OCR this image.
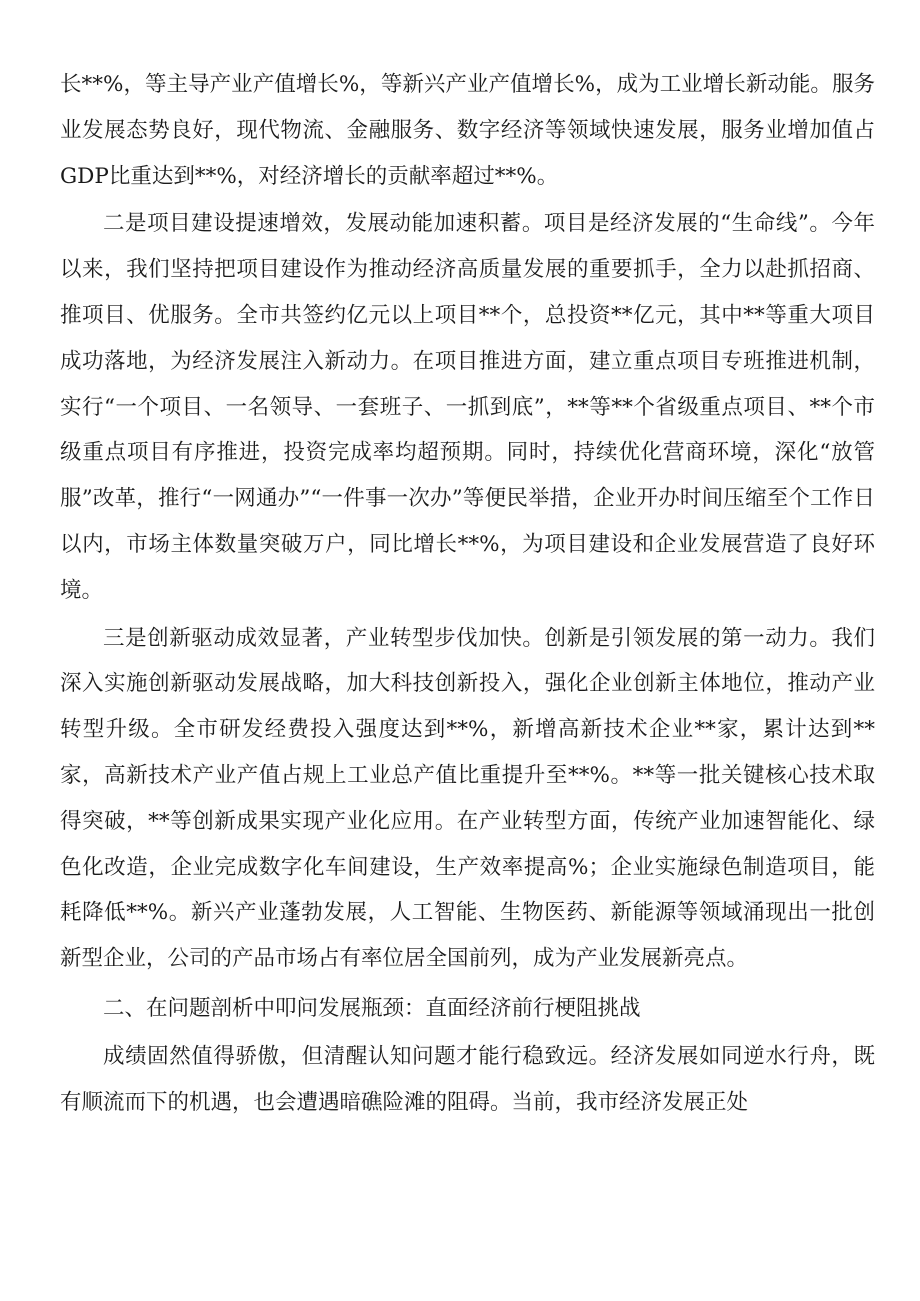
长**%，等主导产业产值增长%，等新兴产业产值增长%，成为工业增长新动能。服务业发展态势良好，现代物流、金融服务、数字经济等领域快速发展，服务业增加值占GDP比重达到**%，对经济增长的贡献率超过**%。

二是项目建设提速增效，发展动能加速积蓄。项目是经济发展的“生命线”。今年以来，我们坚持把项目建设作为推动经济高质量发展的重要抓手，全力以赴抓招商、推项目、优服务。全市共签约亿元以上项目**个，总投资**亿元，其中**等重大项目成功落地，为经济发展注入新动力。在项目推进方面，建立重点项目专班推进机制，实行“一个项目、一名领导、一套班子、一抓到底”，**等**个省级重点项目、**个市级重点项目有序推进，投资完成率均超预期。同时，持续优化营商环境，深化“放管服”改革，推行“一网通办”“一件事一次办”等便民举措，企业开办时间压缩至个工作日以内，市场主体数量突破万户，同比增长**%，为项目建设和企业发展营造了良好环境。

三是创新驱动成效显著，产业转型步伐加快。创新是引领发展的第一动力。我们深入实施创新驱动发展战略，加大科技创新投入，强化企业创新主体地位，推动产业转型升级。全市研发经费投入强度达到**%，新增高新技术企业**家，累计达到**家，高新技术产业产值占规上工业总产值比重提升至**%。**等一批关键核心技术取得突破，**等创新成果实现产业化应用。在产业转型方面，传统产业加速智能化、绿色化改造，企业完成数字化车间建设，生产效率提高%；企业实施绿色制造项目，能耗降低**%。新兴产业蓬勃发展，人工智能、生物医药、新能源等领域涌现出一批创新型企业，公司的产品市场占有率位居全国前列，成为产业发展新亮点。

二、在问题剖析中叩问发展瓶颈：直面经济前行梗阻挑战

成绩固然值得骄傲，但清醒认知问题才能行稳致远。经济发展如同逆水行舟，既有顺流而下的机遇，也会遭遇暗礁险滩的阻碍。当前，我市经济发展正处
